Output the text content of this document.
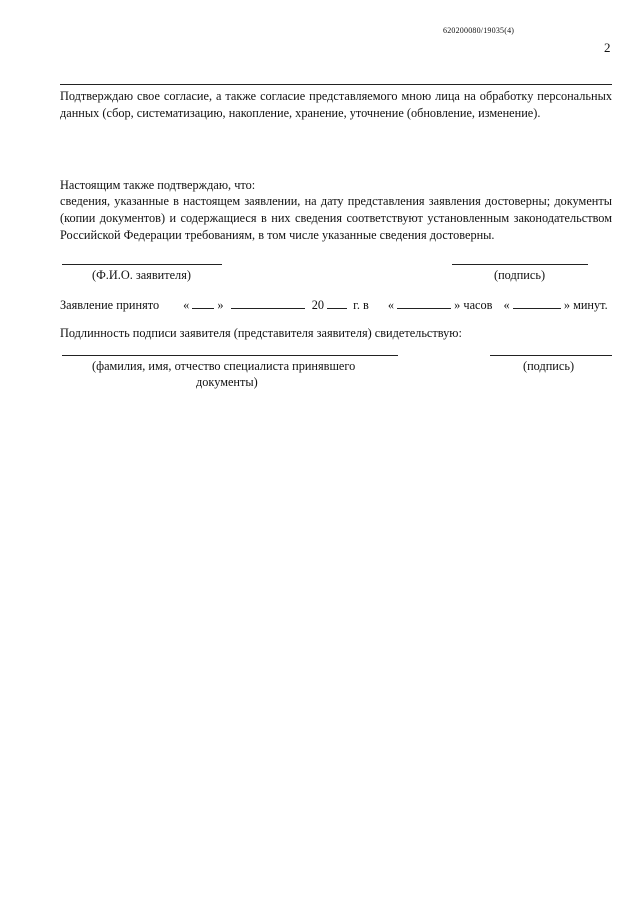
620200080/19035(4)
2
Подтверждаю свое согласие, а также согласие представляемого мною лица на обработку персональных данных (сбор, систематизацию, накопление, хранение, уточнение (обновление, изменение).
Настоящим также подтверждаю, что:
сведения, указанные в настоящем заявлении, на дату представления заявления достоверны; документы (копии документов) и содержащиеся в них сведения соответствуют установленным законодательством Российской Федерации требованиям, в том числе указанные сведения достоверны.
(Ф.И.О. заявителя)	(подпись)
Заявление принято « »	20 г. в «	» часов «	» минут.
Подлинность подписи заявителя (представителя заявителя) свидетельствую:
(фамилия, имя, отчество специалиста принявшего
документы)
(подпись)
